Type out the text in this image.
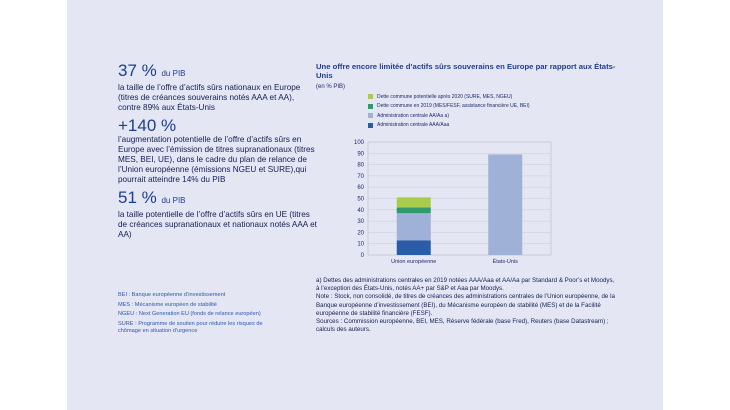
37 % du PIB
la taille de l’offre d’actifs sûrs nationaux en Europe (titres de créances souverains notés AAA et AA), contre 89% aux États-Unis
+140 %
l’augmentation potentielle de l’offre d’actifs sûrs en Europe avec l’émission de titres supranationaux (titres MES, BEI, UE), dans le cadre du plan de relance de l’Union européenne (émissions NGEU et SURE),qui pourrait atteindre 14% du PIB
51 % du PIB
la taille potentielle de l’offre d’actifs sûrs en UE (titres de créances supranationaux et nationaux notés AAA et AA)
BEI : Banque européenne d’investissement
MES : Mécanisme européen de stabilité
NGEU : Next Generation EU (fonds de relance européen)
SURE : Programme de soutien pour réduire les risques de chômage en situation d’urgence
Une offre encore limitée d’actifs sûrs souverains en Europe par rapport aux États-Unis
(en % PIB)
Dette commune potentielle après 2020 (SURE, MES, NGEU)
Dette commune en 2019 (MES/FESF, assistance financière UE, BEI)
Administration centrale AA/Aa a)
Administration centrale AAA/Aaa
0
10
20
30
40
50
60
70
80
90
100
Union européenne	États-Unis
a) Dettes des administrations centrales en 2019 notées AAA/Aaa et AA/Aa par Standard & Poor’s et Moodys, à l’exception des États-Unis, notés AA+ par S&P et Aaa par Moodys.
Note : Stock, non consolidé, de titres de créances des administrations centrales de l’Union européenne, de la Banque européenne d’investissement (BEI), du Mécanisme européen de stabilité (MES) et de la Facilité européenne de stabilité financière (FESF).
Sources : Commission européenne, BEI, MES, Réserve fédérale (base Fred), Reuters (base Datastream) ; calculs des auteurs.
